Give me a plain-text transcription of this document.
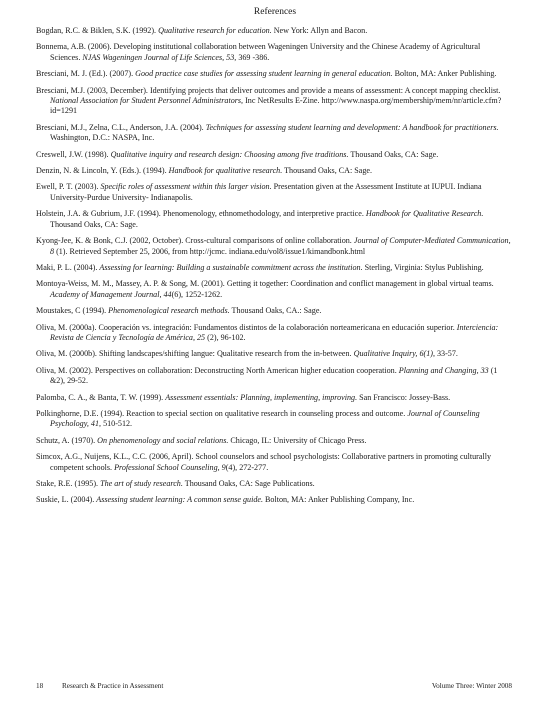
References

Bogdan, R.C. & Biklen, S.K. (1992). Qualitative research for education. New York: Allyn and Bacon.

Bonnema, A.B. (2006). Developing institutional collaboration between Wageningen University and the Chinese Academy of Agricultural Sciences. NJAS Wageningen Journal of Life Sciences, 53, 369 -386.

Bresciani, M. J. (Ed.). (2007). Good practice case studies for assessing student learning in general education. Bolton, MA: Anker Publishing.

Bresciani, M.J. (2003, December). Identifying projects that deliver outcomes and provide a means of assessment: A concept mapping checklist. National Association for Student Personnel Administrators, Inc NetResults E-Zine. http://www.naspa.org/membership/mem/nr/article.cfm?id=1291

Bresciani, M.J., Zelna, C.L., Anderson, J.A. (2004). Techniques for assessing student learning and development: A handbook for practitioners. Washington, D.C.: NASPA, Inc.

Creswell, J.W. (1998). Qualitative inquiry and research design: Choosing among five traditions. Thousand Oaks, CA: Sage.

Denzin, N. & Lincoln, Y. (Eds.). (1994). Handbook for qualitative research. Thousand Oaks, CA: Sage.

Ewell, P. T. (2003). Specific roles of assessment within this larger vision. Presentation given at the Assessment Institute at IUPUI. Indiana University-Purdue University- Indianapolis.

Holstein, J.A. & Gubrium, J.F. (1994). Phenomenology, ethnomethodology, and interpretive practice. Handbook for Qualitative Research. Thousand Oaks, CA: Sage.

Kyong-Jee, K. & Bonk, C.J. (2002, October). Cross-cultural comparisons of online collaboration. Journal of Computer-Mediated Communication, 8 (1). Retrieved September 25, 2006, from http://jcmc. indiana.edu/vol8/issue1/kimandbonk.html

Maki, P. L. (2004). Assessing for learning: Building a sustainable commitment across the institution. Sterling, Virginia: Stylus Publishing.

Montoya-Weiss, M. M., Massey, A. P. & Song, M. (2001). Getting it together: Coordination and conflict management in global virtual teams. Academy of Management Journal, 44(6), 1252-1262.

Moustakes, C (1994). Phenomenological research methods. Thousand Oaks, CA.: Sage.

Oliva, M. (2000a). Cooperación vs. integración: Fundamentos distintos de la colaboración norteamericana en educación superior. Interciencia: Revista de Ciencia y Tecnología de América, 25 (2), 96-102.

Oliva, M. (2000b). Shifting landscapes/shifting langue: Qualitative research from the in-between. Qualitative Inquiry, 6(1), 33-57.

Oliva, M. (2002). Perspectives on collaboration: Deconstructing North American higher education cooperation. Planning and Changing, 33 (1 &2), 29-52.

Palomba, C. A., & Banta, T. W. (1999). Assessment essentials: Planning, implementing, improving. San Francisco: Jossey-Bass.

Polkinghorne, D.E. (1994). Reaction to special section on qualitative research in counseling process and outcome. Journal of Counseling Psychology, 41, 510-512.

Schutz, A. (1970). On phenomenology and social relations. Chicago, IL: University of Chicago Press.

Simcox, A.G., Nuijens, K.L., C.C. (2006, April). School counselors and school psychologists: Collaborative partners in promoting culturally competent schools. Professional School Counseling, 9(4), 272-277.

Stake, R.E. (1995). The art of study research. Thousand Oaks, CA: Sage Publications.

Suskie, L. (2004). Assessing student learning: A common sense guide. Bolton, MA: Anker Publishing Company, Inc.

18	Research & Practice in Assessment	Volume Three: Winter 2008
